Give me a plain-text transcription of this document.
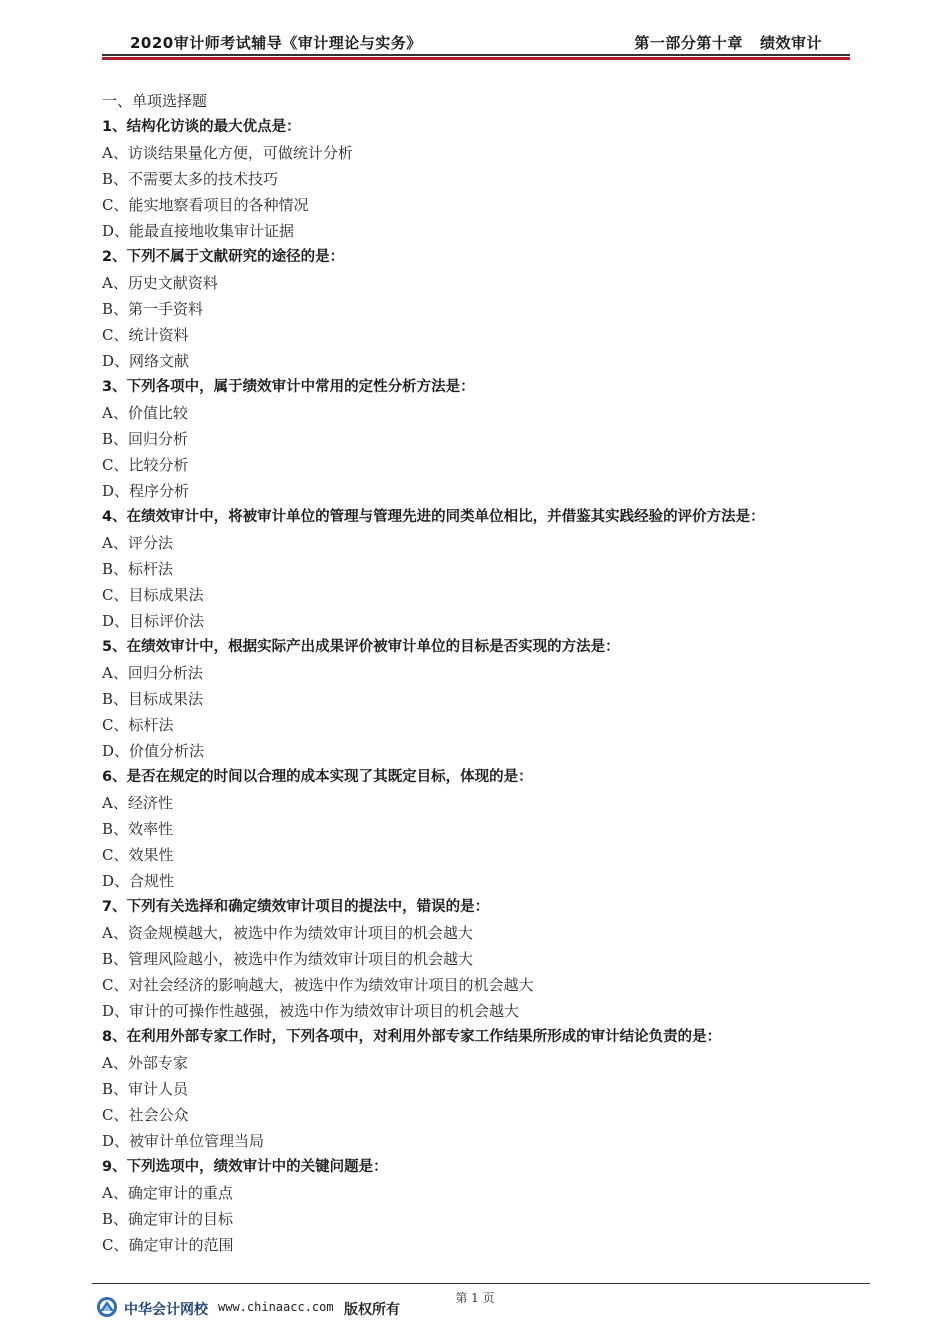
2020审计师考试辅导《审计理论与实务》	第一部分第十章   绩效审计
一、单项选择题
1、结构化访谈的最大优点是：
A、访谈结果量化方便，可做统计分析
B、不需要太多的技术技巧
C、能实地察看项目的各种情况
D、能最直接地收集审计证据
2、下列不属于文献研究的途径的是：
A、历史文献资料
B、第一手资料
C、统计资料
D、网络文献
3、下列各项中，属于绩效审计中常用的定性分析方法是：
A、价值比较
B、回归分析
C、比较分析
D、程序分析
4、在绩效审计中，将被审计单位的管理与管理先进的同类单位相比，并借鉴其实践经验的评价方法是：
A、评分法
B、标杆法
C、目标成果法
D、目标评价法
5、在绩效审计中，根据实际产出成果评价被审计单位的目标是否实现的方法是：
A、回归分析法
B、目标成果法
C、标杆法
D、价值分析法
6、是否在规定的时间以合理的成本实现了其既定目标，体现的是：
A、经济性
B、效率性
C、效果性
D、合规性
7、下列有关选择和确定绩效审计项目的提法中，错误的是：
A、资金规模越大，被选中作为绩效审计项目的机会越大
B、管理风险越小，被选中作为绩效审计项目的机会越大
C、对社会经济的影响越大，被选中作为绩效审计项目的机会越大
D、审计的可操作性越强，被选中作为绩效审计项目的机会越大
8、在利用外部专家工作时，下列各项中，对利用外部专家工作结果所形成的审计结论负责的是：
A、外部专家
B、审计人员
C、社会公众
D、被审计单位管理当局
9、下列选项中，绩效审计中的关键问题是：
A、确定审计的重点
B、确定审计的目标
C、确定审计的范围
第 1 页
中华会计网校 www.chinaacc.com 版权所有
